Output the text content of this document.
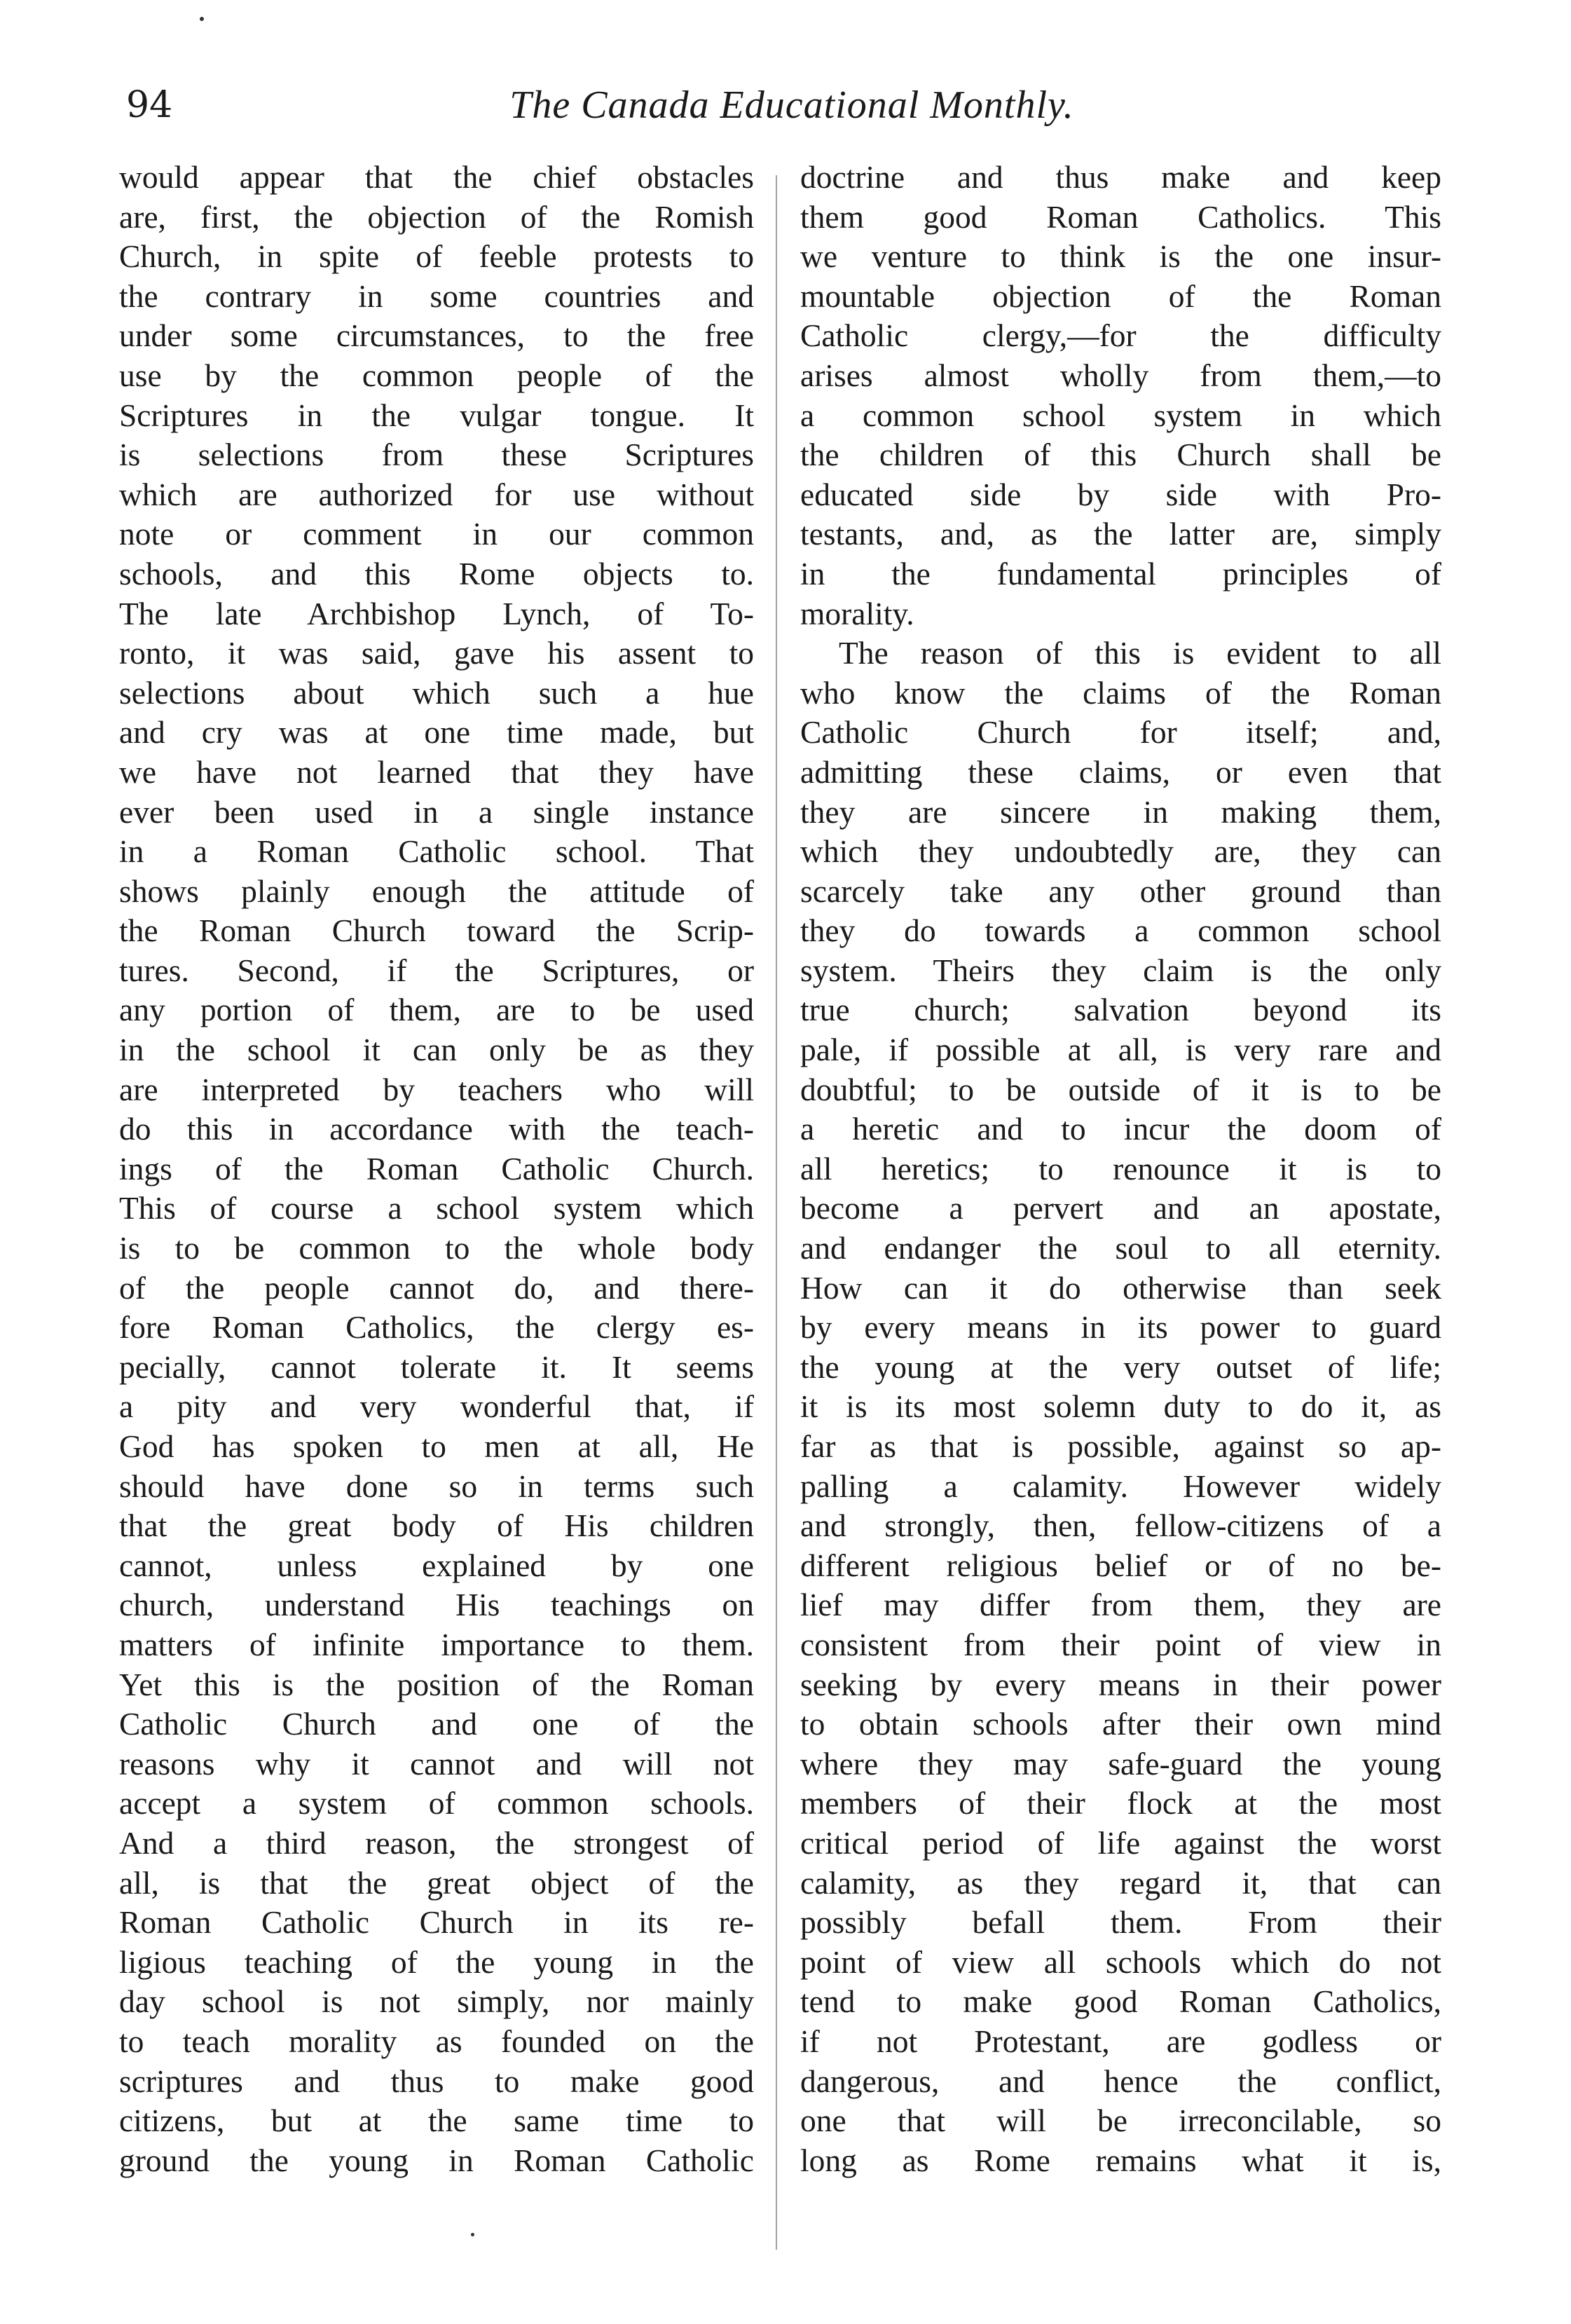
94	The Canada Educational Monthly.
would appear that the chief obstacles
are, first, the objection of the Romish
Church, in spite of feeble protests to
the contrary in some countries and
under some circumstances, to the free
use by the common people of the
Scriptures in the vulgar tongue. It
is selections from these Scriptures
which are authorized for use without
note or comment in our common
schools, and this Rome objects to.
The late Archbishop Lynch, of To-
ronto, it was said, gave his assent to
selections about which such a hue
and cry was at one time made, but
we have not learned that they have
ever been used in a single instance
in a Roman Catholic school. That
shows plainly enough the attitude of
the Roman Church toward the Scrip-
tures. Second, if the Scriptures, or
any portion of them, are to be used
in the school it can only be as they
are interpreted by teachers who will
do this in accordance with the teach-
ings of the Roman Catholic Church.
This of course a school system which
is to be common to the whole body
of the people cannot do, and there-
fore Roman Catholics, the clergy es-
pecially, cannot tolerate it. It seems
a pity and very wonderful that, if
God has spoken to men at all, He
should have done so in terms such
that the great body of His children
cannot, unless explained by one
church, understand His teachings on
matters of infinite importance to them.
Yet this is the position of the Roman
Catholic Church and one of the
reasons why it cannot and will not
accept a system of common schools.
And a third reason, the strongest of
all, is that the great object of the
Roman Catholic Church in its re-
ligious teaching of the young in the
day school is not simply, nor mainly
to teach morality as founded on the
scriptures and thus to make good
citizens, but at the same time to
ground the young in Roman Catholic
doctrine and thus make and keep
them good Roman Catholics. This
we venture to think is the one insur-
mountable objection of the Roman
Catholic clergy,—for the difficulty
arises almost wholly from them,—to
a common school system in which
the children of this Church shall be
educated side by side with Pro-
testants, and, as the latter are, simply
in the fundamental principles of
morality.
The reason of this is evident to all
who know the claims of the Roman
Catholic Church for itself; and,
admitting these claims, or even that
they are sincere in making them,
which they undoubtedly are, they can
scarcely take any other ground than
they do towards a common school
system. Theirs they claim is the only
true church; salvation beyond its
pale, if possible at all, is very rare and
doubtful; to be outside of it is to be
a heretic and to incur the doom of
all heretics; to renounce it is to
become a pervert and an apostate,
and endanger the soul to all eternity.
How can it do otherwise than seek
by every means in its power to guard
the young at the very outset of life;
it is its most solemn duty to do it, as
far as that is possible, against so ap-
palling a calamity. However widely
and strongly, then, fellow-citizens of a
different religious belief or of no be-
lief may differ from them, they are
consistent from their point of view in
seeking by every means in their power
to obtain schools after their own mind
where they may safe-guard the young
members of their flock at the most
critical period of life against the worst
calamity, as they regard it, that can
possibly befall them. From their
point of view all schools which do not
tend to make good Roman Catholics,
if not Protestant, are godless or
dangerous, and hence the conflict,
one that will be irreconcilable, so
long as Rome remains what it is,
